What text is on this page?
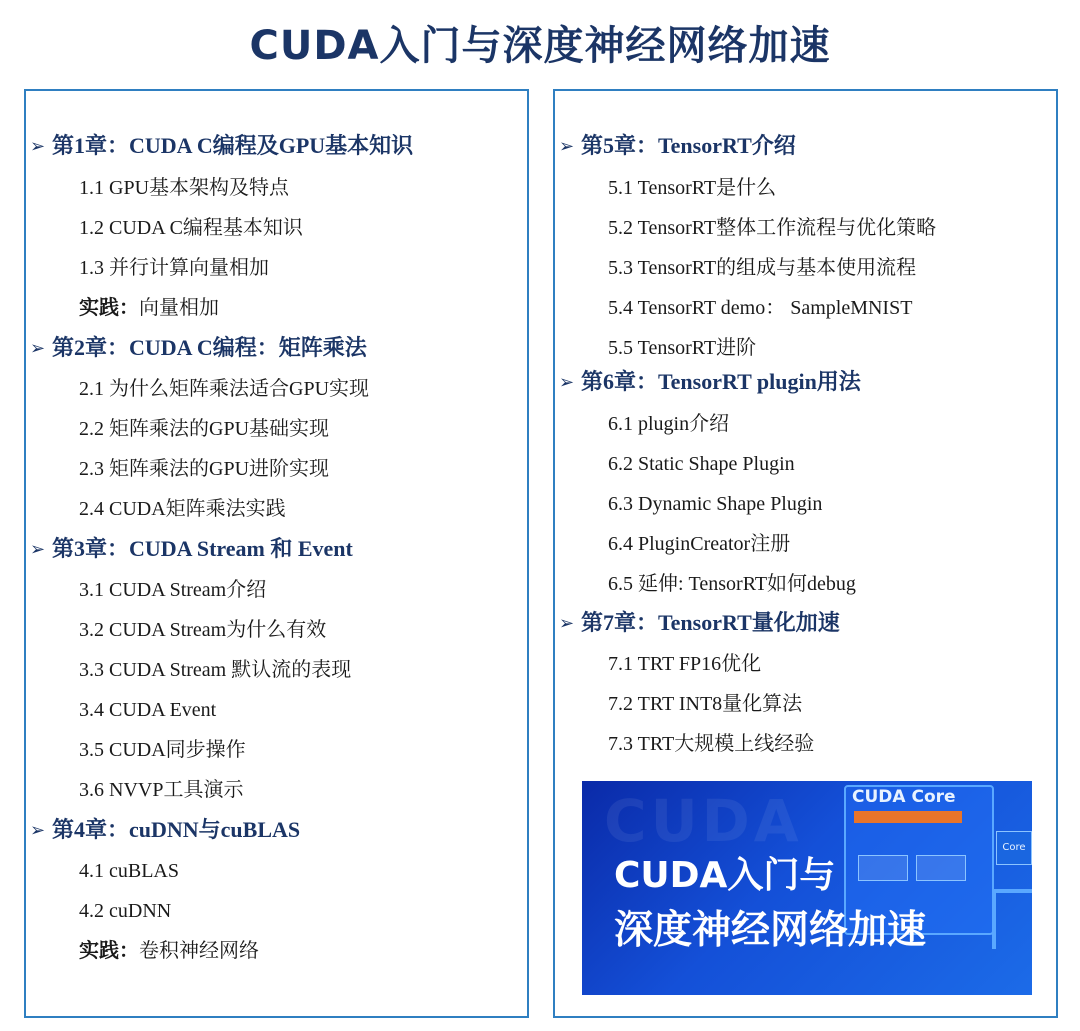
CUDA入门与深度神经网络加速
➢ 第1章：CUDA C编程及GPU基本知识
1.1 GPU基本架构及特点
1.2 CUDA C编程基本知识
1.3 并行计算向量相加
实践：向量相加
➢ 第2章：CUDA C编程：矩阵乘法
2.1 为什么矩阵乘法适合GPU实现
2.2 矩阵乘法的GPU基础实现
2.3 矩阵乘法的GPU进阶实现
2.4 CUDA矩阵乘法实践
➢ 第3章：CUDA Stream 和 Event
3.1 CUDA Stream介绍
3.2 CUDA Stream为什么有效
3.3 CUDA Stream 默认流的表现
3.4 CUDA Event
3.5 CUDA同步操作
3.6 NVVP工具演示
➢ 第4章：cuDNN与cuBLAS
4.1 cuBLAS
4.2 cuDNN
实践：卷积神经网络
➢ 第5章：TensorRT介绍
5.1 TensorRT是什么
5.2 TensorRT整体工作流程与优化策略
5.3 TensorRT的组成与基本使用流程
5.4 TensorRT demo： SampleMNIST
5.5 TensorRT进阶
➢ 第6章：TensorRT plugin用法
6.1 plugin介绍
6.2 Static Shape Plugin
6.3 Dynamic Shape Plugin
6.4 PluginCreator注册
6.5 延伸: TensorRT如何debug
➢ 第7章：TensorRT量化加速
7.1 TRT FP16优化
7.2 TRT INT8量化算法
7.3 TRT大规模上线经验
CUDA	CUDA Core
Core
CUDA入门与
深度神经网络加速
